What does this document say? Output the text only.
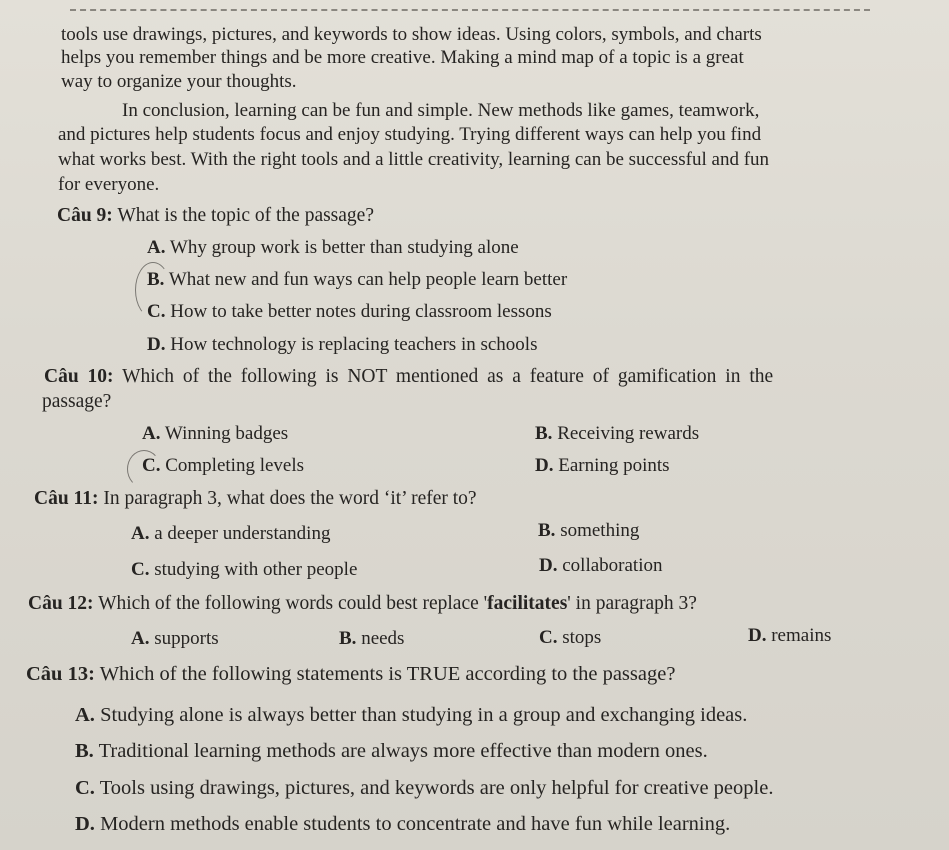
tools use drawings, pictures, and keywords to show ideas. Using colors, symbols, and charts
helps you remember things and be more creative. Making a mind map of a topic is a great
way to organize your thoughts.
In conclusion, learning can be fun and simple. New methods like games, teamwork,
and pictures help students focus and enjoy studying. Trying different ways can help you find
what works best. With the right tools and a little creativity, learning can be successful and fun
for everyone.
Câu 9: What is the topic of the passage?
A. Why group work is better than studying alone
B. What new and fun ways can help people learn better
C. How to take better notes during classroom lessons
D. How technology is replacing teachers in schools
Câu 10: Which of the following is NOT mentioned as a feature of gamification in the
passage?
A. Winning badges	B. Receiving rewards
C. Completing levels	D. Earning points
Câu 11: In paragraph 3, what does the word ‘it’ refer to?
A. a deeper understanding	B. something
C. studying with other people	D. collaboration
Câu 12: Which of the following words could best replace 'facilitates' in paragraph 3?
A. supports	B. needs	C. stops	D. remains
Câu 13: Which of the following statements is TRUE according to the passage?
A. Studying alone is always better than studying in a group and exchanging ideas.
B. Traditional learning methods are always more effective than modern ones.
C. Tools using drawings, pictures, and keywords are only helpful for creative people.
D. Modern methods enable students to concentrate and have fun while learning.
